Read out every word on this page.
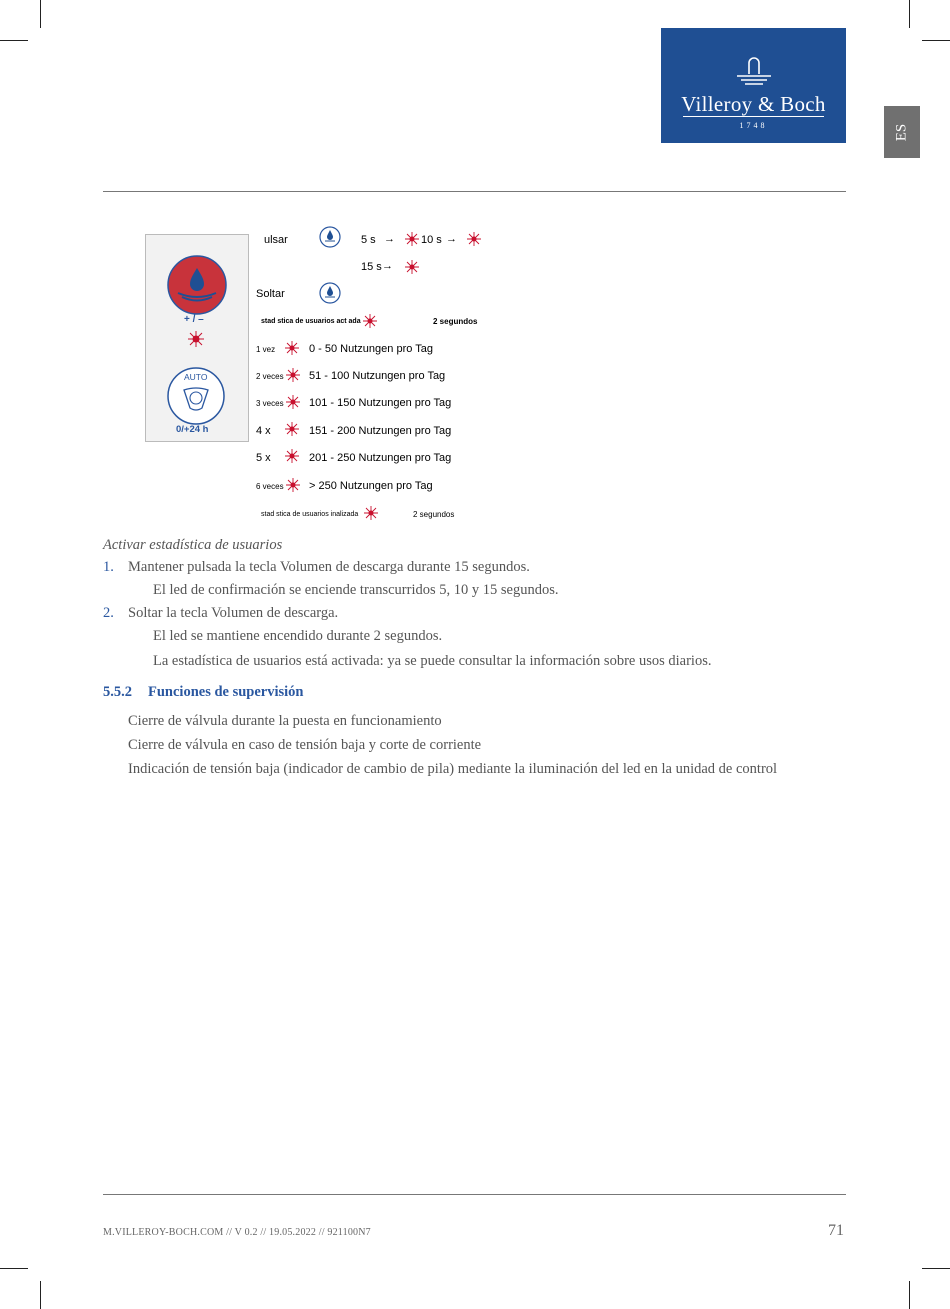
Villeroy & Boch
1748	ES
+ / –
AUTO
0/+24 h
ulsar	5 s → 10 s →
15 s →
Soltar
stad stica de usuarios act ada	2 segundos
1 vez	0 - 50 Nutzungen pro Tag
2 veces 51 - 100 Nutzungen pro Tag
3 veces 101 - 150 Nutzungen pro Tag
4 x	151 - 200 Nutzungen pro Tag
5 x	201 - 250 Nutzungen pro Tag
6 veces > 250 Nutzungen pro Tag
stad stica de usuarios inalizada	2 segundos
Activar estadística de usuarios
1. Mantener pulsada la tecla Volumen de descarga durante 15 segundos.
El led de confirmación se enciende transcurridos 5, 10 y 15 segundos.
2. Soltar la tecla Volumen de descarga.
El led se mantiene encendido durante 2 segundos.
La estadística de usuarios está activada: ya se puede consultar la información sobre usos diarios.
5.5.2 Funciones de supervisión
Cierre de válvula durante la puesta en funcionamiento
Cierre de válvula en caso de tensión baja y corte de corriente
Indicación de tensión baja (indicador de cambio de pila) mediante la iluminación del led en la unidad de control
M.VILLEROY-BOCH.COM // V 0.2 // 19.05.2022 // 921100N7	71
